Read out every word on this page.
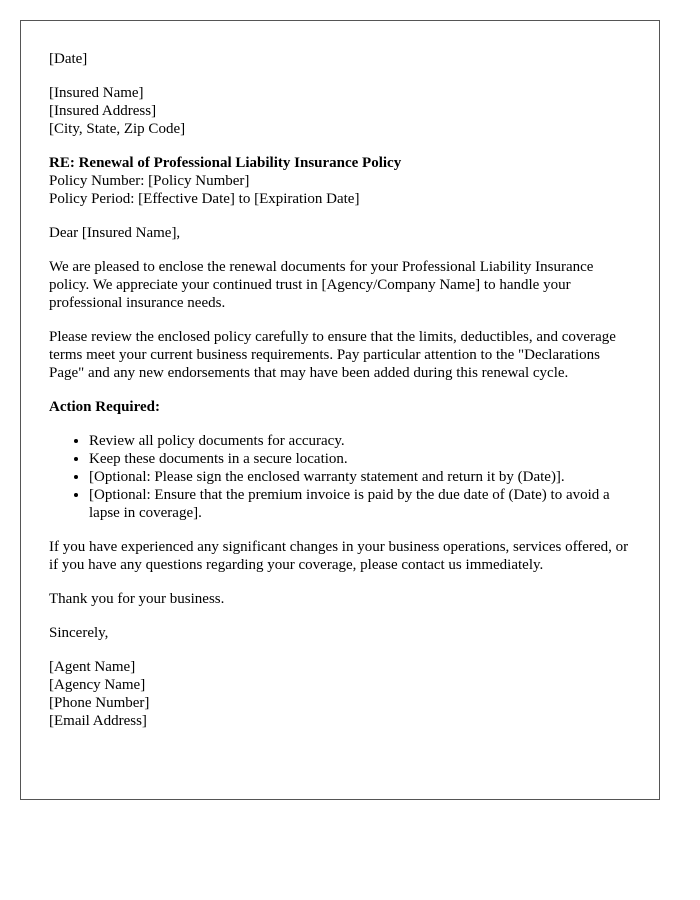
[Date]
[Insured Name]
[Insured Address]
[City, State, Zip Code]
RE: Renewal of Professional Liability Insurance Policy
Policy Number: [Policy Number]
Policy Period: [Effective Date] to [Expiration Date]

Dear [Insured Name],

We are pleased to enclose the renewal documents for your Professional Liability Insurance policy. We appreciate your continued trust in [Agency/Company Name] to handle your professional insurance needs.

Please review the enclosed policy carefully to ensure that the limits, deductibles, and coverage terms meet your current business requirements. Pay particular attention to the "Declarations Page" and any new endorsements that may have been added during this renewal cycle.

Action Required:

• Review all policy documents for accuracy.
• Keep these documents in a secure location.
• [Optional: Please sign the enclosed warranty statement and return it by (Date)].
• [Optional: Ensure that the premium invoice is paid by the due date of (Date) to avoid a lapse in coverage].

If you have experienced any significant changes in your business operations, services offered, or if you have any questions regarding your coverage, please contact us immediately.

Thank you for your business.

Sincerely,

[Agent Name]
[Agency Name]
[Phone Number]
[Email Address]
